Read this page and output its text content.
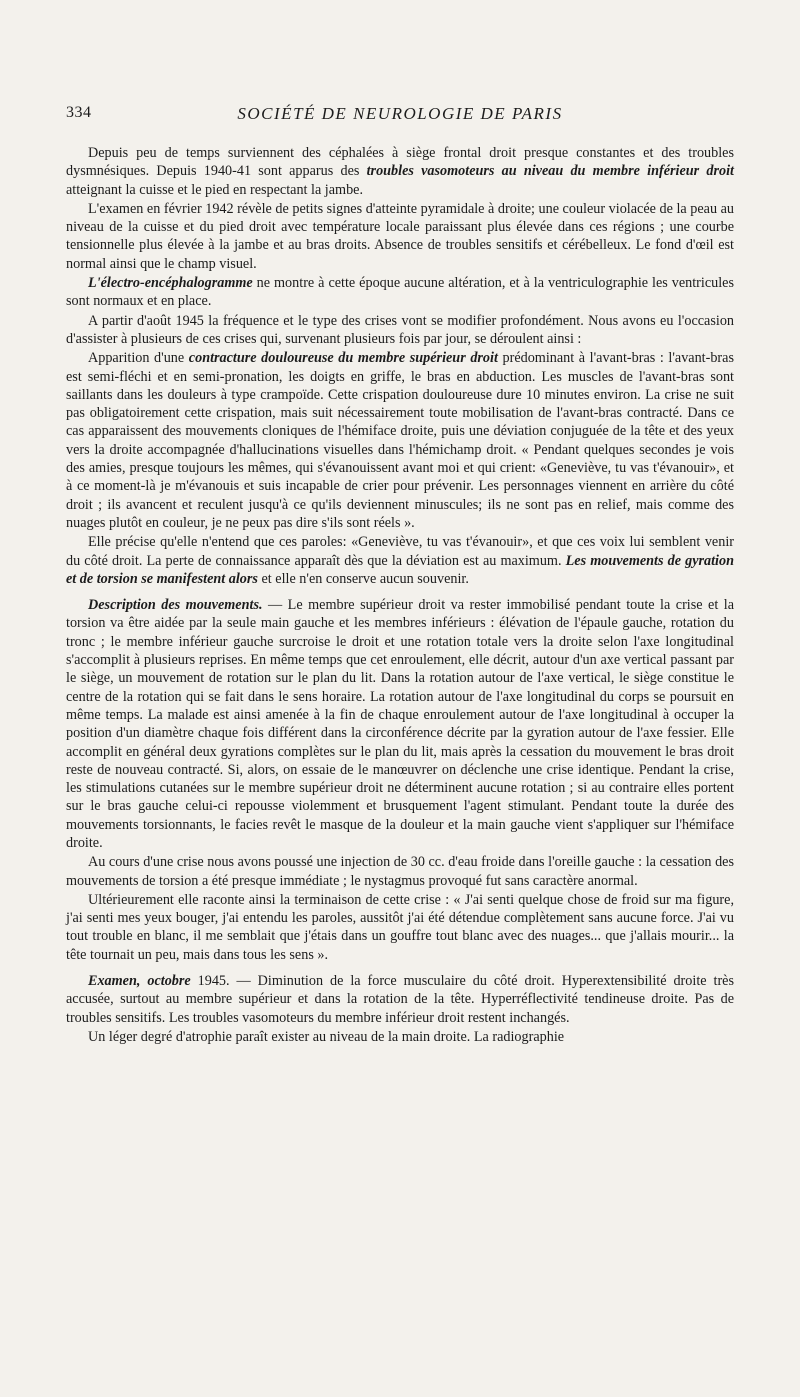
334	SOCIÉTÉ DE NEUROLOGIE DE PARIS

Depuis peu de temps surviennent des céphalées à siège frontal droit presque constantes et des troubles dysmnésiques. Depuis 1940-41 sont apparus des troubles vasomoteurs au niveau du membre inférieur droit atteignant la cuisse et le pied en respectant la jambe.

L'examen en février 1942 révèle de petits signes d'atteinte pyramidale à droite; une couleur violacée de la peau au niveau de la cuisse et du pied droit avec température locale paraissant plus élevée dans ces régions ; une courbe tensionnelle plus élevée à la jambe et au bras droits. Absence de troubles sensitifs et cérébelleux. Le fond d'œil est normal ainsi que le champ visuel.

L'électro-encéphalogramme ne montre à cette époque aucune altération, et à la ventriculographie les ventricules sont normaux et en place.

A partir d'août 1945 la fréquence et le type des crises vont se modifier profondément. Nous avons eu l'occasion d'assister à plusieurs de ces crises qui, survenant plusieurs fois par jour, se déroulent ainsi :

Apparition d'une contracture douloureuse du membre supérieur droit prédominant à l'avant-bras : l'avant-bras est semi-fléchi et en semi-pronation, les doigts en griffe, le bras en abduction. Les muscles de l'avant-bras sont saillants dans les douleurs à type crampoïde. Cette crispation douloureuse dure 10 minutes environ. La crise ne suit pas obligatoirement cette crispation, mais suit nécessairement toute mobilisation de l'avant-bras contracté. Dans ce cas apparaissent des mouvements cloniques de l'hémiface droite, puis une déviation conjuguée de la tête et des yeux vers la droite accompagnée d'hallucinations visuelles dans l'hémichamp droit. « Pendant quelques secondes je vois des amies, presque toujours les mêmes, qui s'évanouissent avant moi et qui crient: «Geneviève, tu vas t'évanouir», et à ce moment-là je m'évanouis et suis incapable de crier pour prévenir. Les personnages viennent en arrière du côté droit ; ils avancent et reculent jusqu'à ce qu'ils deviennent minuscules; ils ne sont pas en relief, mais comme des nuages plutôt en couleur, je ne peux pas dire s'ils sont réels ».

Elle précise qu'elle n'entend que ces paroles: «Geneviève, tu vas t'évanouir», et que ces voix lui semblent venir du côté droit. La perte de connaissance apparaît dès que la déviation est au maximum. Les mouvements de gyration et de torsion se manifestent alors et elle n'en conserve aucun souvenir.

Description des mouvements. — Le membre supérieur droit va rester immobilisé pendant toute la crise et la torsion va être aidée par la seule main gauche et les membres inférieurs : élévation de l'épaule gauche, rotation du tronc ; le membre inférieur gauche surcroise le droit et une rotation totale vers la droite selon l'axe longitudinal s'accomplit à plusieurs reprises. En même temps que cet enroulement, elle décrit, autour d'un axe vertical passant par le siège, un mouvement de rotation sur le plan du lit. Dans la rotation autour de l'axe vertical, le siège constitue le centre de la rotation qui se fait dans le sens horaire. La rotation autour de l'axe longitudinal du corps se poursuit en même temps. La malade est ainsi amenée à la fin de chaque enroulement autour de l'axe longitudinal à occuper la position d'un diamètre chaque fois différent dans la circonférence décrite par la gyration autour de l'axe fessier. Elle accomplit en général deux gyrations complètes sur le plan du lit, mais après la cessation du mouvement le bras droit reste de nouveau contracté. Si, alors, on essaie de le manœuvrer on déclenche une crise identique. Pendant la crise, les stimulations cutanées sur le membre supérieur droit ne déterminent aucune rotation ; si au contraire elles portent sur le bras gauche celui-ci repousse violemment et brusquement l'agent stimulant. Pendant toute la durée des mouvements torsionnants, le facies revêt le masque de la douleur et la main gauche vient s'appliquer sur l'hémiface droite.

Au cours d'une crise nous avons poussé une injection de 30 cc. d'eau froide dans l'oreille gauche : la cessation des mouvements de torsion a été presque immédiate ; le nystagmus provoqué fut sans caractère anormal.

Ultérieurement elle raconte ainsi la terminaison de cette crise : « J'ai senti quelque chose de froid sur ma figure, j'ai senti mes yeux bouger, j'ai entendu les paroles, aussitôt j'ai été détendue complètement sans aucune force. J'ai vu tout trouble en blanc, il me semblait que j'étais dans un gouffre tout blanc avec des nuages... que j'allais mourir... la tête tournait un peu, mais dans tous les sens ».

Examen, octobre 1945. — Diminution de la force musculaire du côté droit. Hyperextensibilité droite très accusée, surtout au membre supérieur et dans la rotation de la tête. Hyperréflectivité tendineuse droite. Pas de troubles sensitifs. Les troubles vasomoteurs du membre inférieur droit restent inchangés.

Un léger degré d'atrophie paraît exister au niveau de la main droite. La radiographie
